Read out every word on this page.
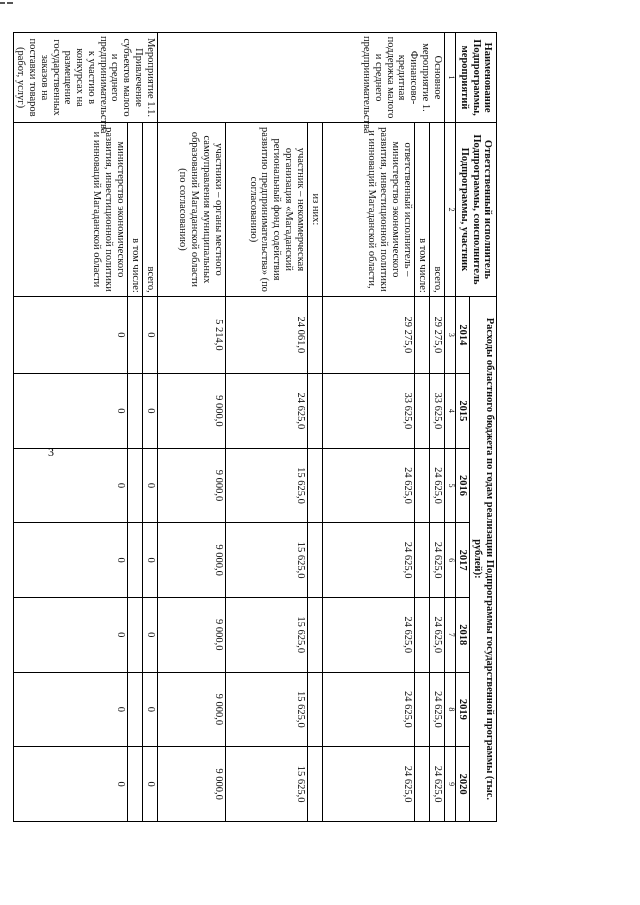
3
Наименование Подпрограммы, мероприятий	Ответственный исполнитель Подпрограммы, соисполнитель Подпрограммы, участник	Расходы областного бюджета по годам реализации Подпрограммы государственной программы (тыс. рублей):						
		2014	2015	2016	2017	2018	2019	2020
1	2	3	4	5	6	7	8	9
Основное мероприятие 1. Финансово-кредитная поддержка малого и среднего предпринимательства	всего,	29 275,0	33 625,0	24 625,0	24 625,0	24 625,0	24 625,0	24 625,0
	в том числе:							
	ответственный исполнитель – министерство экономического развития, инвестиционной политики и инноваций Магаданской области,	29 275,0	33 625,0	24 625,0	24 625,0	24 625,0	24 625,0	24 625,0
	из них:							
	участник – некоммерческая организация «Магаданский региональный фонд содействия развитию предпринимательства» (по согласованию)	24 061,0	24 625,0	15 625,0	15 625,0	15 625,0	15 625,0	15 625,0
	участники – органы местного самоуправления муниципальных образований Магаданской области (по согласованию)	5 214,0	9 000,0	9 000,0	9 000,0	9 000,0	9 000,0	9 000,0
Мероприятие 1.1. Привлечение субъектов малого и среднего предпринимательства к участию в конкурсах на размещение государственных заказов на поставки товаров (работ, услуг)	всего,	0	0	0	0	0	0	0
	в том числе:							
	министерство экономического развития, инвестиционной политики и инноваций Магаданской области	0	0	0	0	0	0	0
